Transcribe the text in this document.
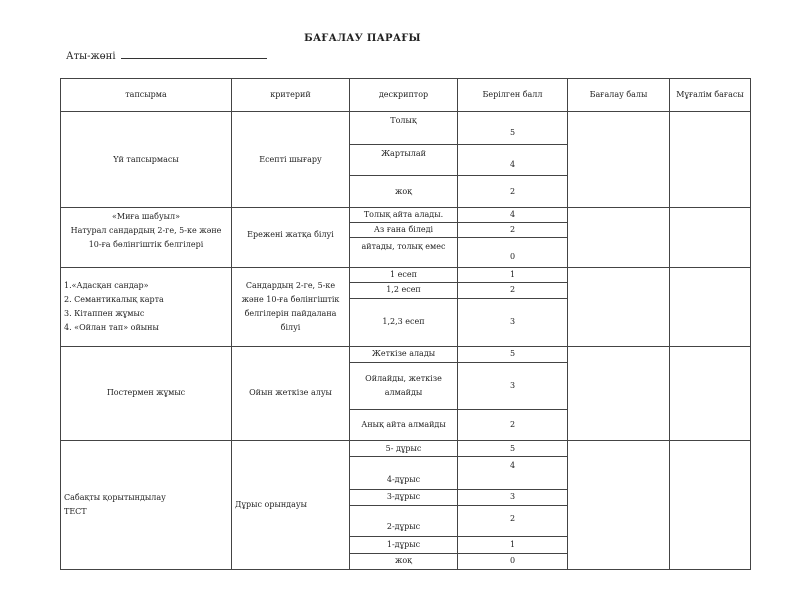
БАҒАЛАУ ПАРАҒЫ
Аты-жөні
тапсырма	критерий	дескриптор	Берілген балл	Бағалау балы	Мұғалім бағасы
Үй тапсырмасы	Есепті шығару	Толық	5		
		Жартылай	4		
		жоқ	2		

«Миға шабуыл»
Натурал сандардың 2-ге, 5-ке және
10-ға бөлінгіштік белгілері	Ережені жатқа білуі	Толық айта алады.	4		
		Аз ғана біледі	2		
		айтады, толық емес	0		

1.«Адасқан сандар»
2. Семантикалық карта
3. Кітаппен жұмыс
4. «Ойлан тап» ойыны	Сандардың 2-ге, 5-ке
және 10-ға бөлінгіштік
белгілерін пайдалана
білуі	1 есеп	1		
		1,2 есеп	2		
		1,2,3 есеп	3		
Постермен жұмыс	Ойын жеткізе алуы	Жеткізе алады	5		
		Ойлайды, жеткізе алмайды	3		
		Анық айта алмайды	2		

Сабақты қорытындылау
ТЕСТ	Дұрыс орындауы	5- дұрыс	5		
		4-дұрыс	4		
		3-дұрыс	3		
		2-дұрыс	2		
		1-дұрыс	1		
		жоқ	0		
